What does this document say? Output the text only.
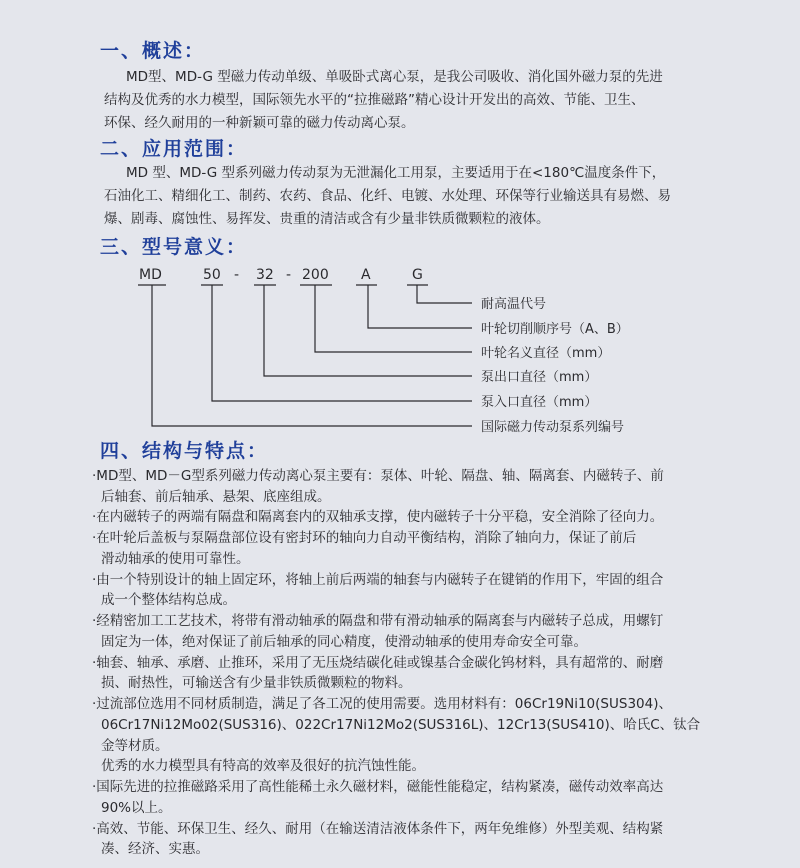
一、概述：
MD型、MD-G 型磁力传动单级、单吸卧式离心泵，是我公司吸收、消化国外磁力泵的先进
结构及优秀的水力模型，国际领先水平的“拉推磁路”精心设计开发出的高效、节能、卫生、
环保、经久耐用的一种新颖可靠的磁力传动离心泵。
二、应用范围：
MD 型、MD-G 型系列磁力传动泵为无泄漏化工用泵，主要适用于在<180℃温度条件下，
石油化工、精细化工、制药、农药、食品、化纤、电镀、水处理、环保等行业输送具有易燃、易
爆、剧毒、腐蚀性、易挥发、贵重的清洁或含有少量非铁质微颗粒的液体。
三、型号意义：
MD	50 - 32 - 200 A	G
耐高温代号
叶轮切削顺序号（A、B）
叶轮名义直径（mm）
泵出口直径（mm）
泵入口直径（mm）
国际磁力传动泵系列编号
四、结构与特点：
·MD型、MD－G型系列磁力传动离心泵主要有：泵体、叶轮、隔盘、轴、隔离套、内磁转子、前
后轴套、前后轴承、悬架、底座组成。
·在内磁转子的两端有隔盘和隔离套内的双轴承支撑，使内磁转子十分平稳，安全消除了径向力。
·在叶轮后盖板与泵隔盘部位设有密封环的轴向力自动平衡结构，消除了轴向力，保证了前后
滑动轴承的使用可靠性。
·由一个特别设计的轴上固定环，将轴上前后两端的轴套与内磁转子在键销的作用下，牢固的组合
成一个整体结构总成。
·经精密加工工艺技术，将带有滑动轴承的隔盘和带有滑动轴承的隔离套与内磁转子总成，用螺钉
固定为一体，绝对保证了前后轴承的同心精度，使滑动轴承的使用寿命安全可靠。
·轴套、轴承、承磨、止推环，采用了无压烧结碳化硅或镍基合金碳化钨材料，具有超常的、耐磨
损、耐热性，可输送含有少量非铁质微颗粒的物料。
·过流部位选用不同材质制造，满足了各工况的使用需要。选用材料有：06Cr19Ni10(SUS304)、
06Cr17Ni12Mo02(SUS316)、022Cr17Ni12Mo2(SUS316L)、12Cr13(SUS410)、哈氏C、钛合
金等材质。
优秀的水力模型具有特高的效率及很好的抗汽蚀性能。
·国际先进的拉推磁路采用了高性能稀土永久磁材料，磁能性能稳定，结构紧凑，磁传动效率高达
90%以上。
·高效、节能、环保卫生、经久、耐用（在输送清洁液体条件下，两年免维修）外型美观、结构紧
凑、经济、实惠。
